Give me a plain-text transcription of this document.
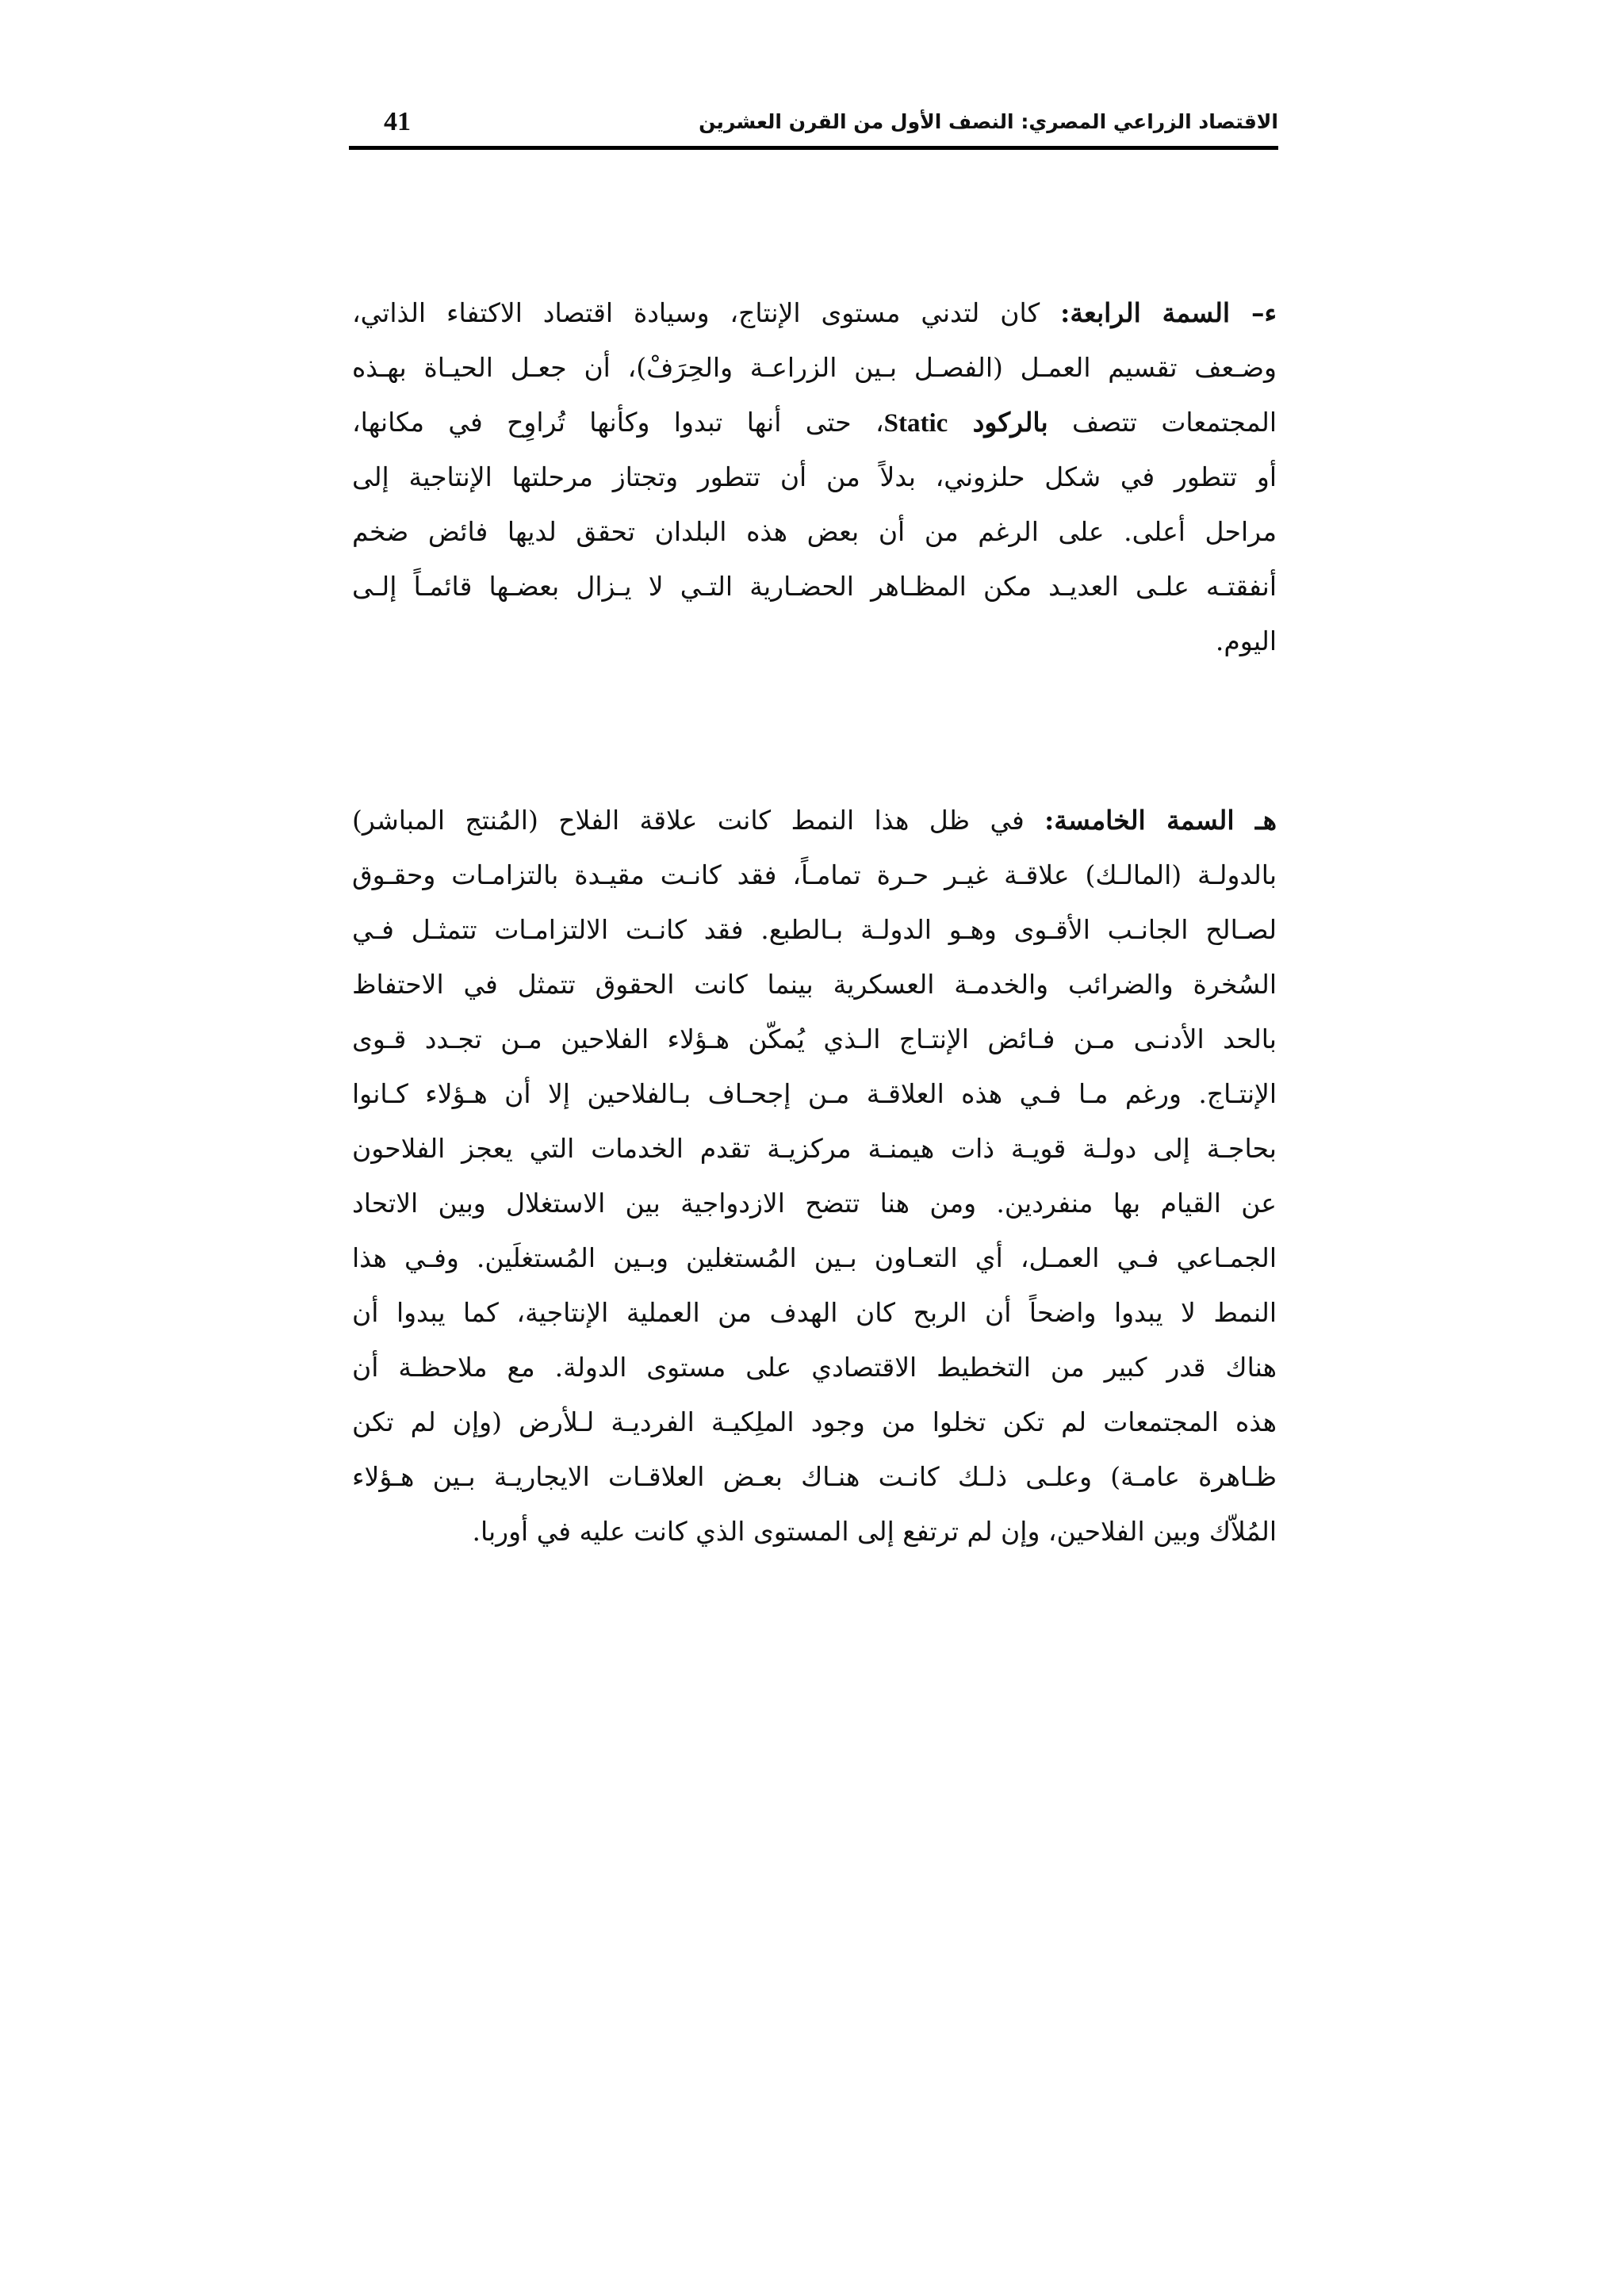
41	الاقتصاد الزراعي المصري: النصف الأول من القرن العشرين
ء– السمة الرابعة: كان لتدني مستوى الإنتاج، وسيادة اقتصاد الاكتفاء الذاتي،
وضـعف تقسيم العمـل (الفصـل بـين الزراعـة والحِرَفْ)، أن جعـل الحيـاة بهـذه
المجتمعات تتصف بالركود Static، حتى أنها تبدوا وكأنها تُراوِح في مكانها،
أو تتطور في شكل حلزوني، بدلاً من أن تتطور وتجتاز مرحلتها الإنتاجية إلى
مراحل أعلى. على الرغم من أن بعض هذه البلدان تحقق لديها فائض ضخم
أنفقتـه علـى العديـد مكن المظـاهر الحضـارية التـي لا يـزال بعضـها قائمـاً إلـى
اليوم.
هـ السمة الخامسة: في ظل هذا النمط كانت علاقة الفلاح (المُنتج المباشر)
بالدولـة (المالـك) علاقـة غيـر حـرة تمامـاً، فقد كانـت مقيـدة بالتزامـات وحقـوق
لصـالح الجانـب الأقـوى وهـو الدولـة بـالطبع. فقد كانـت الالتزامـات تتمثـل فـي
السُخرة والضرائب والخدمـة العسكرية بينما كانت الحقوق تتمثل في الاحتفاظ
بالحد الأدنـى مـن فـائض الإنتـاج الـذي يُمكّن هـؤلاء الفلاحين مـن تجـدد قـوى
الإنتـاج. ورغم مـا فـي هذه العلاقـة مـن إجحـاف بـالفلاحين إلا أن هـؤلاء كـانوا
بحاجـة إلى دولـة قويـة ذات هيمنـة مركزيـة تقدم الخدمات التي يعجز الفلاحون
عن القيام بها منفردين. ومن هنا تتضح الازدواجية بين الاستغلال وبين الاتحاد
الجمـاعي فـي العمـل، أي التعـاون بـين المُستغلين وبـين المُستغلَين. وفـي هذا
النمط لا يبدوا واضحاً أن الربح كان الهدف من العملية الإنتاجية، كما يبدوا أن
هناك قدر كبير من التخطيط الاقتصادي على مستوى الدولة. مع ملاحظـة أن
هذه المجتمعات لم تكن تخلوا من وجود الملِكيـة الفرديـة لـلأرض (وإن لم تكن
ظـاهرة عامـة) وعلـى ذلـك كانـت هنـاك بعـض العلاقـات الايجاريـة بـين هـؤلاء
المُلاّك وبين الفلاحين، وإن لم ترتفع إلى المستوى الذي كانت عليه في أوربا.
